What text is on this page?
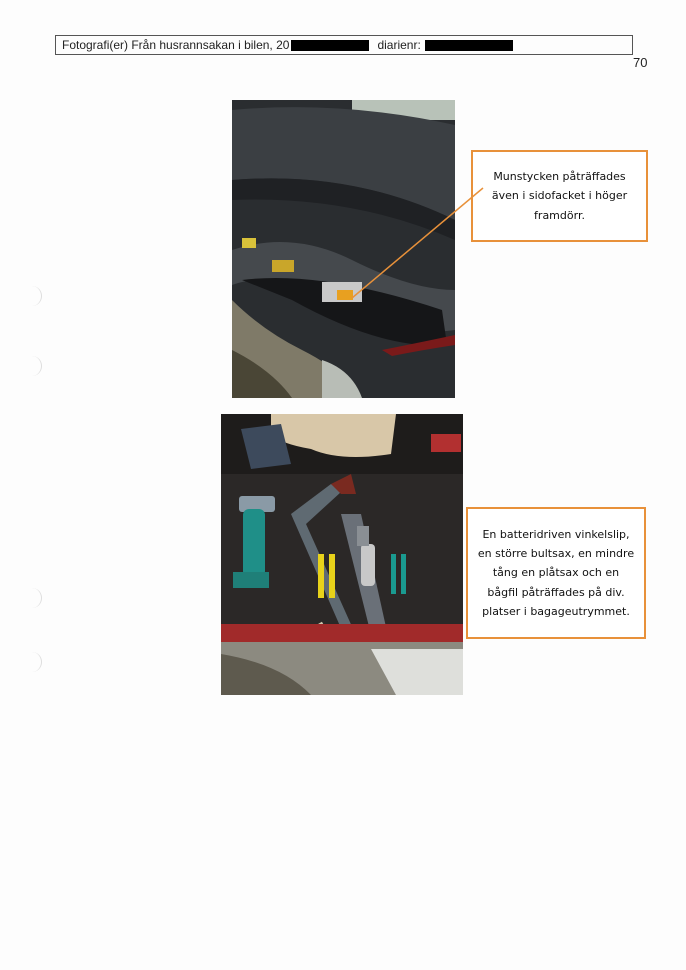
Fotografi(er) Från husrannsakan i bilen, 20	diarienr:
70
Munstycken påträffades även i sidofacket i höger framdörr.
En batteridriven vinkelslip, en större bultsax, en mindre tång en plåtsax och en bågfil påträffades på div. platser i bagageutrymmet.
